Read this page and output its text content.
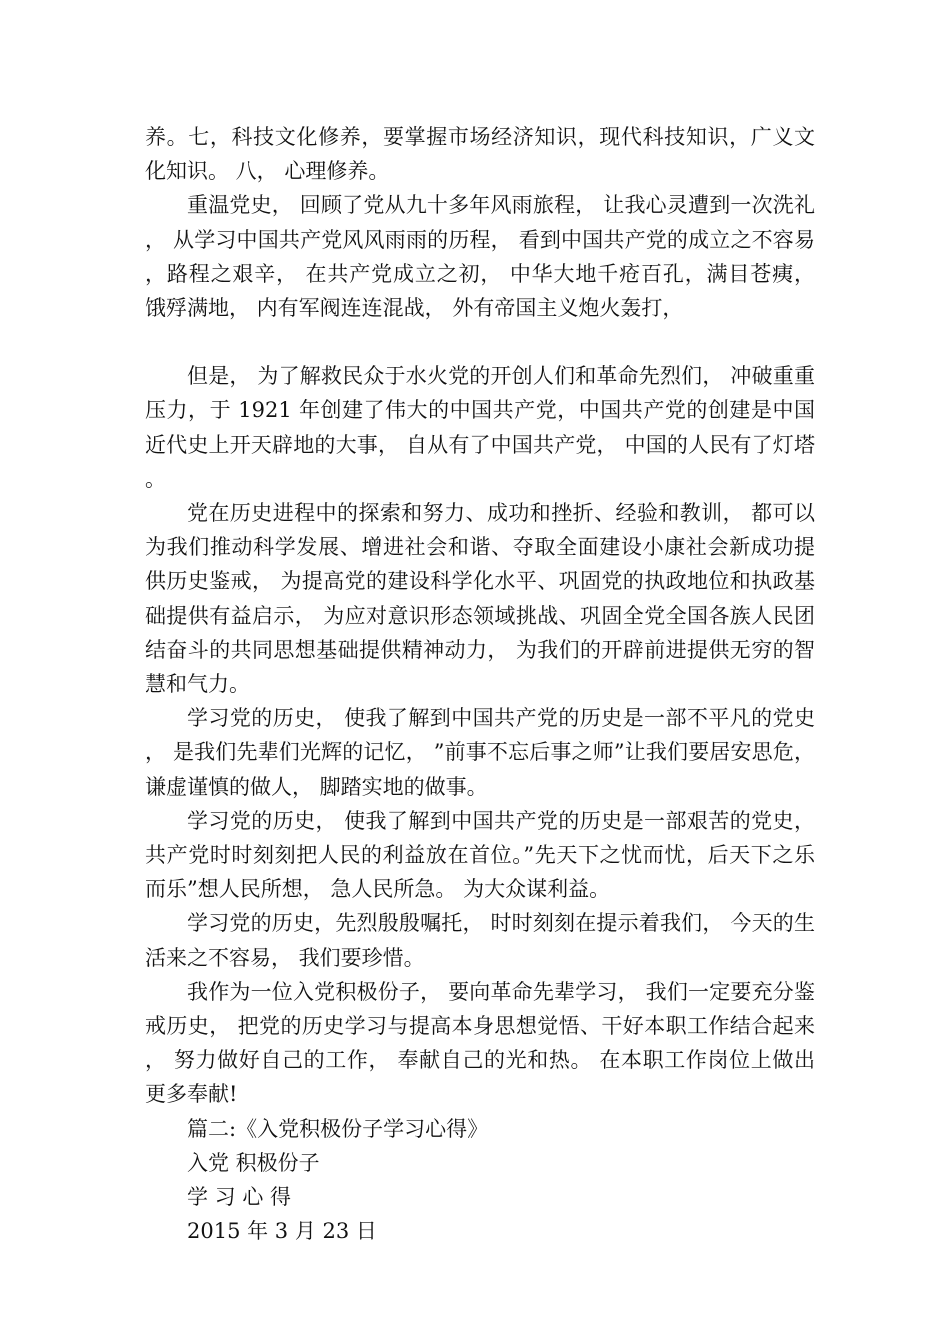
养。七，科技文化修养，要掌握市场经济知识，现代科技知识，广义文化知识。 八， 心理修养。

重温党史， 回顾了党从九十多年风雨旅程， 让我心灵遭到一次洗礼， 从学习中国共产党风风雨雨的历程， 看到中国共产党的成立之不容易，路程之艰辛， 在共产党成立之初， 中华大地千疮百孔，满目苍痍， 饿殍满地， 内有军阀连连混战， 外有帝国主义炮火轰打，

但是， 为了解救民众于水火党的开创人们和革命先烈们， 冲破重重压力，于 1921 年创建了伟大的中国共产党，中国共产党的创建是中国近代史上开天辟地的大事， 自从有了中国共产党， 中国的人民有了灯塔。

党在历史进程中的探索和努力、成功和挫折、经验和教训， 都可以为我们推动科学发展、增进社会和谐、夺取全面建设小康社会新成功提供历史鉴戒， 为提高党的建设科学化水平、巩固党的执政地位和执政基础提供有益启示， 为应对意识形态领域挑战、巩固全党全国各族人民团结奋斗的共同思想基础提供精神动力， 为我们的开辟前进提供无穷的智慧和气力。

学习党的历史， 使我了解到中国共产党的历史是一部不平凡的党史， 是我们先辈们光辉的记忆， ”前事不忘后事之师”让我们要居安思危， 谦虚谨慎的做人， 脚踏实地的做事。

学习党的历史， 使我了解到中国共产党的历史是一部艰苦的党史，共产党时时刻刻把人民的利益放在首位。”先天下之忧而忧，后天下之乐而乐”想人民所想， 急人民所急。 为大众谋利益。

学习党的历史，先烈殷殷嘱托， 时时刻刻在提示着我们， 今天的生活来之不容易， 我们要珍惜。

我作为一位入党积极份子， 要向革命先辈学习， 我们一定要充分鉴戒历史， 把党的历史学习与提高本身思想觉悟、干好本职工作结合起来， 努力做好自己的工作， 奉献自己的光和热。 在本职工作岗位上做出更多奉献!

篇二:《入党积极份子学习心得》

入党 积极份子

学 习 心 得

2015 年 3 月 23 日
